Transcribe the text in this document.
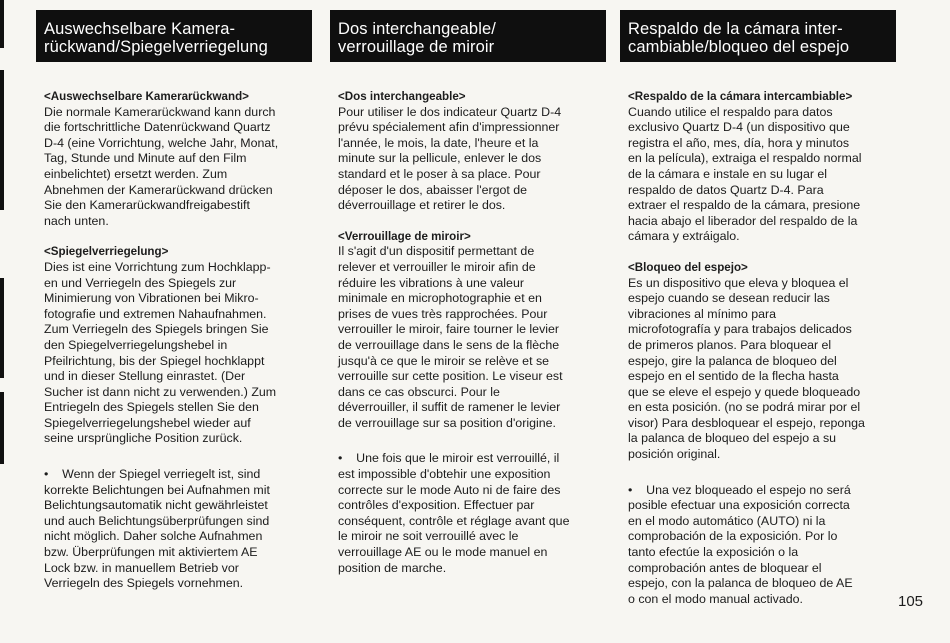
Auswechselbare Kamera-
rückwand/Spiegelverriegelung
<Auswechselbare Kamerarückwand>
Die normale Kamerarückwand kann durch
die fortschrittliche Datenrückwand Quartz
D-4 (eine Vorrichtung, welche Jahr, Monat,
Tag, Stunde und Minute auf den Film
einbelichtet) ersetzt werden. Zum
Abnehmen der Kamerarückwand drücken
Sie den Kamerarückwandfreigabestift
nach unten.
<Spiegelverriegelung>
Dies ist eine Vorrichtung zum Hochklapp-
en und Verriegeln des Spiegels zur
Minimierung von Vibrationen bei Mikro-
fotografie und extremen Nahaufnahmen.
Zum Verriegeln des Spiegels bringen Sie
den Spiegelverriegelungshebel in
Pfeilrichtung, bis der Spiegel hochklappt
und in dieser Stellung einrastet. (Der
Sucher ist dann nicht zu verwenden.) Zum
Entriegeln des Spiegels stellen Sie den
Spiegelverriegelungshebel wieder auf
seine ursprüngliche Position zurück.
• Wenn der Spiegel verriegelt ist, sind
korrekte Belichtungen bei Aufnahmen mit
Belichtungsautomatik nicht gewährleistet
und auch Belichtungsüberprüfungen sind
nicht möglich. Daher solche Aufnahmen
bzw. Überprüfungen mit aktiviertem AE
Lock bzw. in manuellem Betrieb vor
Verriegeln des Spiegels vornehmen.
Dos interchangeable/
verrouillage de miroir
<Dos interchangeable>
Pour utiliser le dos indicateur Quartz D-4
prévu spécialement afin d'impressionner
l'année, le mois, la date, l'heure et la
minute sur la pellicule, enlever le dos
standard et le poser à sa place. Pour
déposer le dos, abaisser l'ergot de
déverrouillage et retirer le dos.
<Verrouillage de miroir>
Il s'agit d'un dispositif permettant de
relever et verrouiller le miroir afin de
réduire les vibrations à une valeur
minimale en microphotographie et en
prises de vues très rapprochées. Pour
verrouiller le miroir, faire tourner le levier
de verrouillage dans le sens de la flèche
jusqu'à ce que le miroir se relève et se
verrouille sur cette position. Le viseur est
dans ce cas obscurci. Pour le
déverrouiller, il suffit de ramener le levier
de verrouillage sur sa position d'origine.
• Une fois que le miroir est verrouillé, il
est impossible d'obtehir une exposition
correcte sur le mode Auto ni de faire des
contrôles d'exposition. Effectuer par
conséquent, contrôle et réglage avant que
le miroir ne soit verrouillé avec le
verrouillage AE ou le mode manuel en
position de marche.
Respaldo de la cámara inter-
cambiable/bloqueo del espejo
<Respaldo de la cámara intercambiable>
Cuando utilice el respaldo para datos
exclusivo Quartz D-4 (un dispositivo que
registra el año, mes, día, hora y minutos
en la película), extraiga el respaldo normal
de la cámara e instale en su lugar el
respaldo de datos Quartz D-4. Para
extraer el respaldo de la cámara, presione
hacia abajo el liberador del respaldo de la
cámara y extráigalo.
<Bloqueo del espejo>
Es un dispositivo que eleva y bloquea el
espejo cuando se desean reducir las
vibraciones al mínimo para
microfotografía y para trabajos delicados
de primeros planos. Para bloquear el
espejo, gire la palanca de bloqueo del
espejo en el sentido de la flecha hasta
que se eleve el espejo y quede bloqueado
en esta posición. (no se podrá mirar por el
visor) Para desbloquear el espejo, reponga
la palanca de bloqueo del espejo a su
posición original.
• Una vez bloqueado el espejo no será
posible efectuar una exposición correcta
en el modo automático (AUTO) ni la
comprobación de la exposición. Por lo
tanto efectúe la exposición o la
comprobación antes de bloquear el
espejo, con la palanca de bloqueo de AE
o con el modo manual activado.	105
